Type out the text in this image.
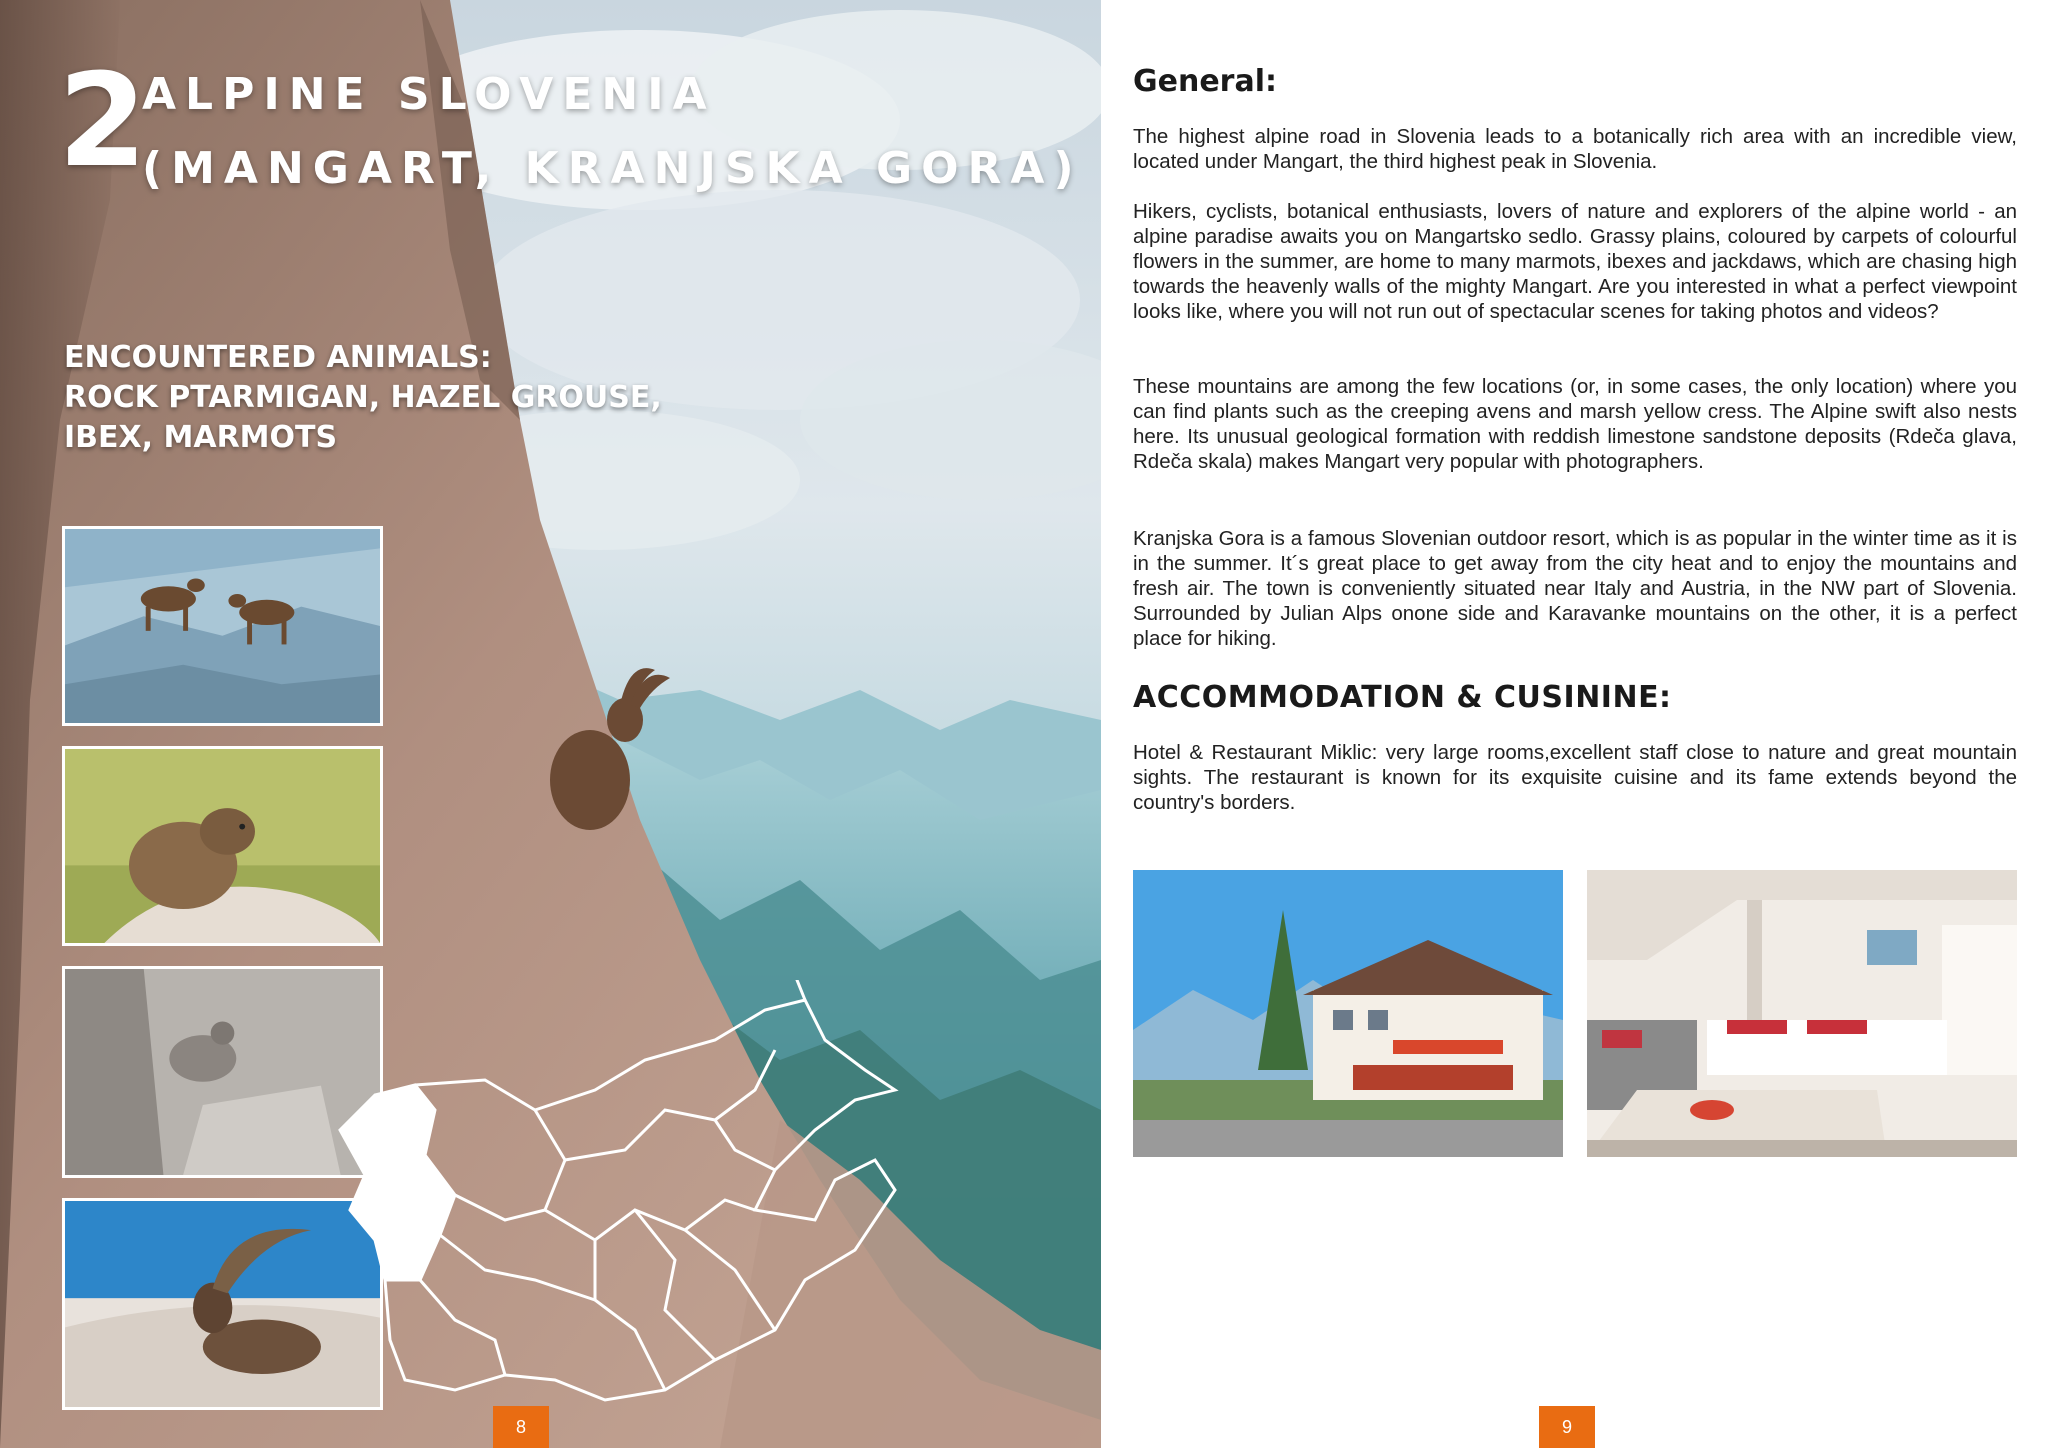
2
ALPINE SLOVENIA
(MANGART, KRANJSKA GORA)
ENCOUNTERED ANIMALS:
ROCK PTARMIGAN, HAZEL GROUSE,
IBEX, MARMOTS
8
General:

The highest alpine road in Slovenia leads to a botanically rich area with an incredible view, located under Mangart, the third highest peak in Slovenia.

Hikers, cyclists, botanical enthusiasts, lovers of nature and explorers of the alpine world - an alpine paradise awaits you on Mangartsko sedlo. Grassy plains, coloured by carpets of colourful flowers in the summer, are home to many marmots, ibexes and jackdaws, which are chasing high towards the heavenly walls of the mighty Mangart. Are you interested in what a perfect viewpoint looks like, where you will not run out of spectacular scenes for taking photos and videos?

These mountains are among the few locations (or, in some cases, the only location) where you can find plants such as the creeping avens and marsh yellow cress. The Alpine swift also nests here. Its unusual geological formation with reddish limestone sandstone deposits (Rdeča glava, Rdeča skala) makes Mangart very popular with photographers.

Kranjska Gora is a famous Slovenian outdoor resort, which is as popular in the winter time as it is in the summer. It´s great place to get away from the city heat and to enjoy the mountains and fresh air. The town is conveniently situated near Italy and Austria, in the NW part of Slovenia. Surrounded by Julian Alps onone side and Karavanke mountains on the other, it is a perfect place for hiking.

ACCOMMODATION & CUSININE:

Hotel & Restaurant Miklic: very large rooms,excellent staff close to nature and great mountain sights. The restaurant is known for its exquisite cuisine and its fame extends beyond the country's borders.

9
